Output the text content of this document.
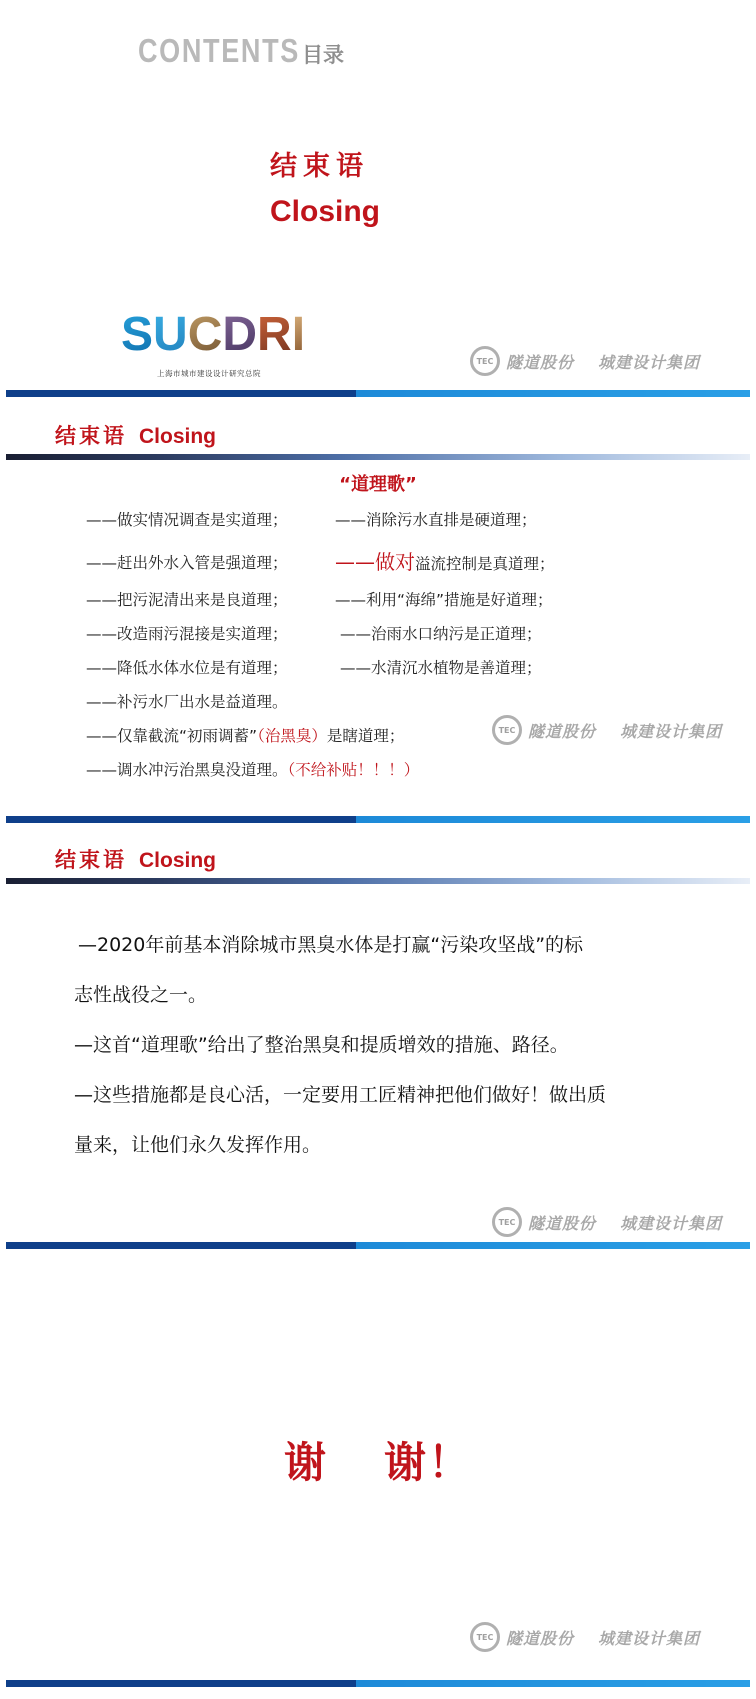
CONTENTS 目录
结束语
Closing
S U C D R I
上海市城市建设设计研究总院
TEC 隧道股份 城建设计集团
结束语 Closing
“道理歌”
——做实情况调查是实道理；	——消除污水直排是硬道理；
——赶出外水入管是强道理； ——做对溢流控制是真道理；
——把污泥清出来是良道理；	——利用“海绵”措施是好道理；
——改造雨污混接是实道理；	——治雨水口纳污是正道理；
——降低水体水位是有道理；	——水清沉水植物是善道理；
——补污水厂出水是益道理。
——仅靠截流“初雨调蓄”（治黑臭）是瞎道理；
——调水冲污治黑臭没道理。（不给补贴！！！）
TEC 隧道股份 城建设计集团
结束语 Closing
—2020年前基本消除城市黑臭水体是打赢“污染攻坚战”的标
志性战役之一。
—这首“道理歌”给出了整治黑臭和提质增效的措施、路径。
—这些措施都是良心活，一定要用工匠精神把他们做好！做出质
量来，让他们永久发挥作用。
TEC 隧道股份 城建设计集团
谢 谢！
TEC 隧道股份 城建设计集团
